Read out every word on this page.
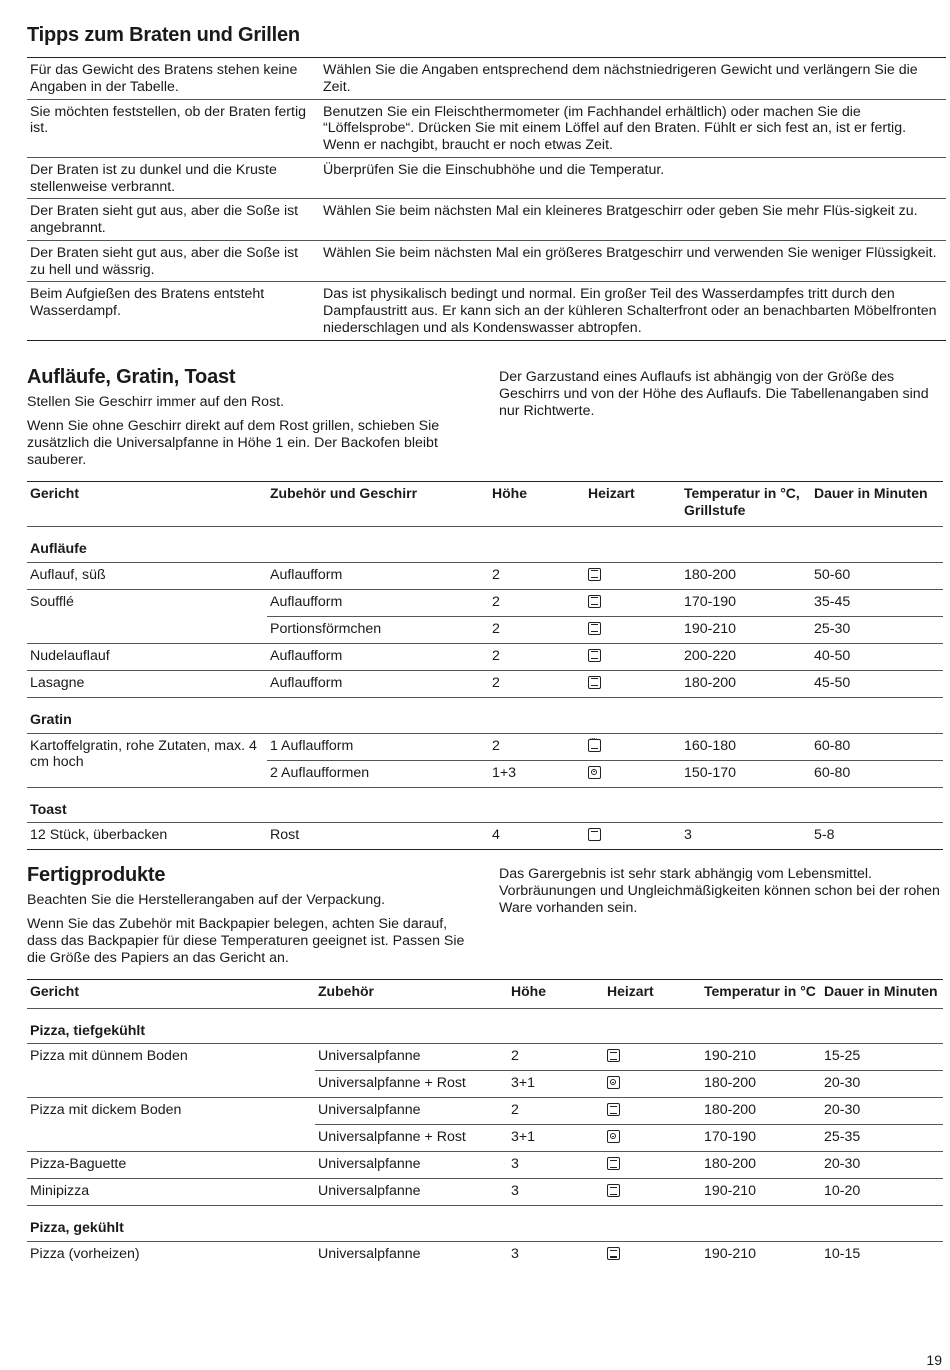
Tipps zum Braten und Grillen
Für das Gewicht des Bratens stehen keine Angaben in der Tabelle.	Wählen Sie die Angaben entsprechend dem nächstniedrigeren Gewicht und verlängern Sie die Zeit.
Sie möchten feststellen, ob der Braten fertig ist.	Benutzen Sie ein Fleischthermometer (im Fachhandel erhältlich) oder machen Sie die “Löffelsprobe“. Drücken Sie mit einem Löffel auf den Braten. Fühlt er sich fest an, ist er fertig. Wenn er nachgibt, braucht er noch etwas Zeit.
Der Braten ist zu dunkel und die Kruste stellenweise verbrannt.	Überprüfen Sie die Einschubhöhe und die Temperatur.
Der Braten sieht gut aus, aber die Soße ist angebrannt.	Wählen Sie beim nächsten Mal ein kleineres Bratgeschirr oder geben Sie mehr Flüs-sigkeit zu.
Der Braten sieht gut aus, aber die Soße ist zu hell und wässrig.	Wählen Sie beim nächsten Mal ein größeres Bratgeschirr und verwenden Sie weniger Flüssigkeit.
Beim Aufgießen des Bratens entsteht Wasserdampf.	Das ist physikalisch bedingt und normal. Ein großer Teil des Wasserdampfes tritt durch den Dampfaustritt aus. Er kann sich an der kühleren Schalterfront oder an benachbarten Möbelfronten niederschlagen und als Kondenswasser abtropfen.
Aufläufe, Gratin, Toast

Stellen Sie Geschirr immer auf den Rost.

Wenn Sie ohne Geschirr direkt auf dem Rost grillen, schieben Sie zusätzlich die Universalpfanne in Höhe 1 ein. Der Backofen bleibt sauberer.

Der Garzustand eines Auflaufs ist abhängig von der Größe des Geschirrs und von der Höhe des Auflaufs. Die Tabellenangaben sind nur Richtwerte.

Gericht	Zubehör und Geschirr	Höhe	Heizart	Temperatur in °C, Grillstufe	Dauer in Minuten
Aufläufe					
Auflauf, süß	Auflaufform	2		180-200	50-60
Soufflé	Auflaufform	2		170-190	35-45
	Portionsförmchen	2		190-210	25-30
Nudelauflauf	Auflaufform	2		200-220	40-50
Lasagne	Auflaufform	2		180-200	45-50
Gratin					
Kartoffelgratin, rohe Zutaten, max. 4 cm hoch	1 Auflaufform	2	ˇˇˇ	160-180	60-80
	2 Auflaufformen	1+3		150-170	60-80
Toast					
12 Stück, überbacken	Rost	4		3	5-8
Fertigprodukte

Beachten Sie die Herstellerangaben auf der Verpackung.

Wenn Sie das Zubehör mit Backpapier belegen, achten Sie darauf, dass das Backpapier für diese Temperaturen geeignet ist. Passen Sie die Größe des Papiers an das Gericht an.

Das Garergebnis ist sehr stark abhängig vom Lebensmittel. Vorbräunungen und Ungleichmäßigkeiten können schon bei der rohen Ware vorhanden sein.

Gericht	Zubehör	Höhe	Heizart	Temperatur in °C	Dauer in Minuten
Pizza, tiefgekühlt					
Pizza mit dünnem Boden	Universalpfanne	2		190-210	15-25
	Universalpfanne + Rost	3+1		180-200	20-30
Pizza mit dickem Boden	Universalpfanne	2		180-200	20-30
	Universalpfanne + Rost	3+1		170-190	25-35
Pizza-Baguette	Universalpfanne	3		180-200	20-30
Minipizza	Universalpfanne	3		190-210	10-20
Pizza, gekühlt					
Pizza (vorheizen)	Universalpfanne	3		190-210	10-15
19
